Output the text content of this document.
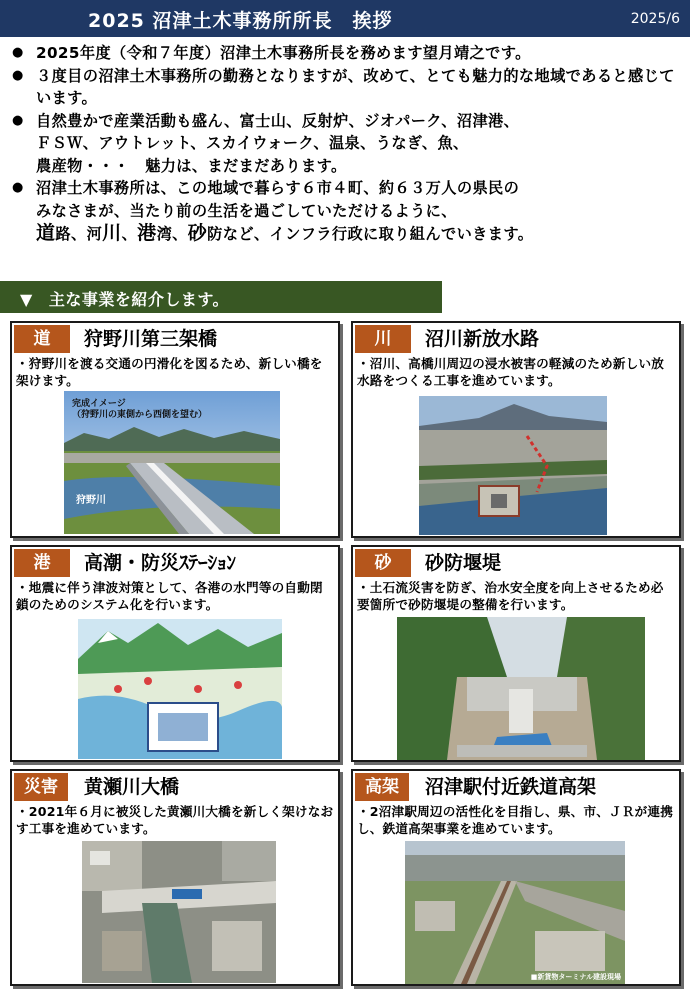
2025 沼津土木事務所所長　挨拶	2025/6
● 2025年度（令和７年度）沼津土木事務所長を務めます望月靖之です。
● ３度目の沼津土木事務所の勤務となりますが、改めて、とても魅力的な地域であると感じています。
● 自然豊かで産業活動も盛ん、富士山、反射炉、ジオパーク、沼津港、
ＦＳＷ、アウトレット、スカイウォーク、温泉、うなぎ、魚、
農産物・・・　魅力は、まだまだあります。
● 沼津土木事務所は、この地域で暮らす６市４町、約６３万人の県民の
みなさまが、当たり前の生活を過ごしていただけるように、
道路、河川、港湾、砂防など、インフラ行政に取り組んでいきます。
▼ 主な事業を紹介します。
道	狩野川第三架橋
・狩野川を渡る交通の円滑化を図るため、新しい橋を架けます。
完成イメージ
（狩野川の東側から西側を望む）
狩野川
川	沼川新放水路
・沼川、高橋川周辺の浸水被害の軽減のため新しい放水路をつくる工事を進めています。
港	高潮・防災ｽﾃｰｼｮﾝ
・地震に伴う津波対策として、各港の水門等の自動閉鎖のためのシステム化を行います。
砂	砂防堰堤
・土石流災害を防ぎ、治水安全度を向上させるため必要箇所で砂防堰堤の整備を行います。
災害	黄瀬川大橋
・2021年６月に被災した黄瀬川大橋を新しく架けなおす工事を進めています。
高架	沼津駅付近鉄道高架
・2沼津駅周辺の活性化を目指し、県、市、ＪＲが連携し、鉄道高架事業を進めています。
■新貨物ターミナル建設現場
